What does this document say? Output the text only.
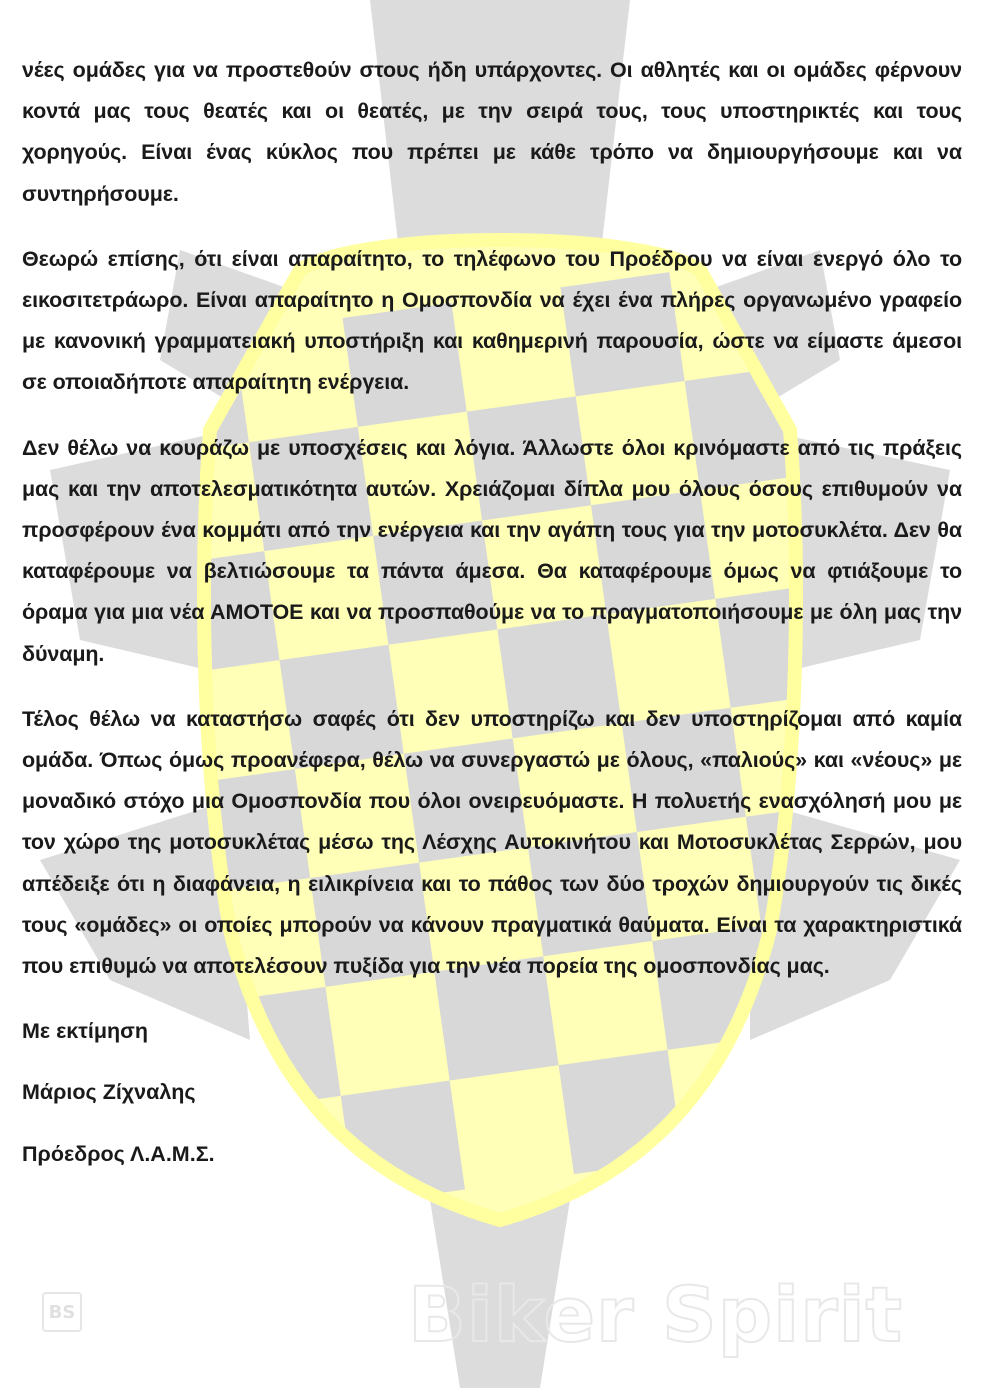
BS	Biker Spirit

νέες ομάδες για να προστεθούν στους ήδη υπάρχοντες. Οι αθλητές και οι ομάδες φέρνουν κοντά μας τους θεατές και οι θεατές, με την σειρά τους, τους υποστηρικτές και τους χορηγούς. Είναι ένας κύκλος που πρέπει με κάθε τρόπο να δημιουργήσουμε και να συντηρήσουμε.

Θεωρώ επίσης, ότι είναι απαραίτητο, το τηλέφωνο του Προέδρου να είναι ενεργό όλο το εικοσιτετράωρο. Είναι απαραίτητο η Ομοσπονδία να έχει ένα πλήρες οργανωμένο γραφείο με κανονική γραμματειακή υποστήριξη και καθημερινή παρουσία, ώστε να είμαστε άμεσοι σε οποιαδήποτε απαραίτητη ενέργεια.

Δεν θέλω να κουράζω με υποσχέσεις και λόγια. Άλλωστε όλοι κρινόμαστε από τις πράξεις μας και την αποτελεσματικότητα αυτών. Χρειάζομαι δίπλα μου όλους όσους επιθυμούν να προσφέρουν ένα κομμάτι από την ενέργεια και την αγάπη τους για την μοτοσυκλέτα. Δεν θα καταφέρουμε να βελτιώσουμε τα πάντα άμεσα. Θα καταφέρουμε όμως να φτιάξουμε το όραμα για μια νέα ΑΜΟΤΟΕ και να προσπαθούμε να το πραγματοποιήσουμε με όλη μας την δύναμη.

Τέλος θέλω να καταστήσω σαφές ότι δεν υποστηρίζω και δεν υποστηρίζομαι από καμία ομάδα. Όπως όμως προανέφερα, θέλω να συνεργαστώ με όλους, «παλιούς» και «νέους» με μοναδικό στόχο μια Ομοσπονδία που όλοι ονειρευόμαστε. Η πολυετής ενασχόλησή μου με τον χώρο της μοτοσυκλέτας μέσω της Λέσχης Αυτοκινήτου και Μοτοσυκλέτας Σερρών, μου απέδειξε ότι η διαφάνεια, η ειλικρίνεια και το πάθος των δύο τροχών δημιουργούν τις δικές τους «ομάδες» οι οποίες μπορούν να κάνουν πραγματικά θαύματα. Είναι τα χαρακτηριστικά που επιθυμώ να αποτελέσουν πυξίδα για την νέα πορεία της ομοσπονδίας μας.

Με εκτίμηση

Μάριος Ζίχναλης

Πρόεδρος Λ.Α.Μ.Σ.
